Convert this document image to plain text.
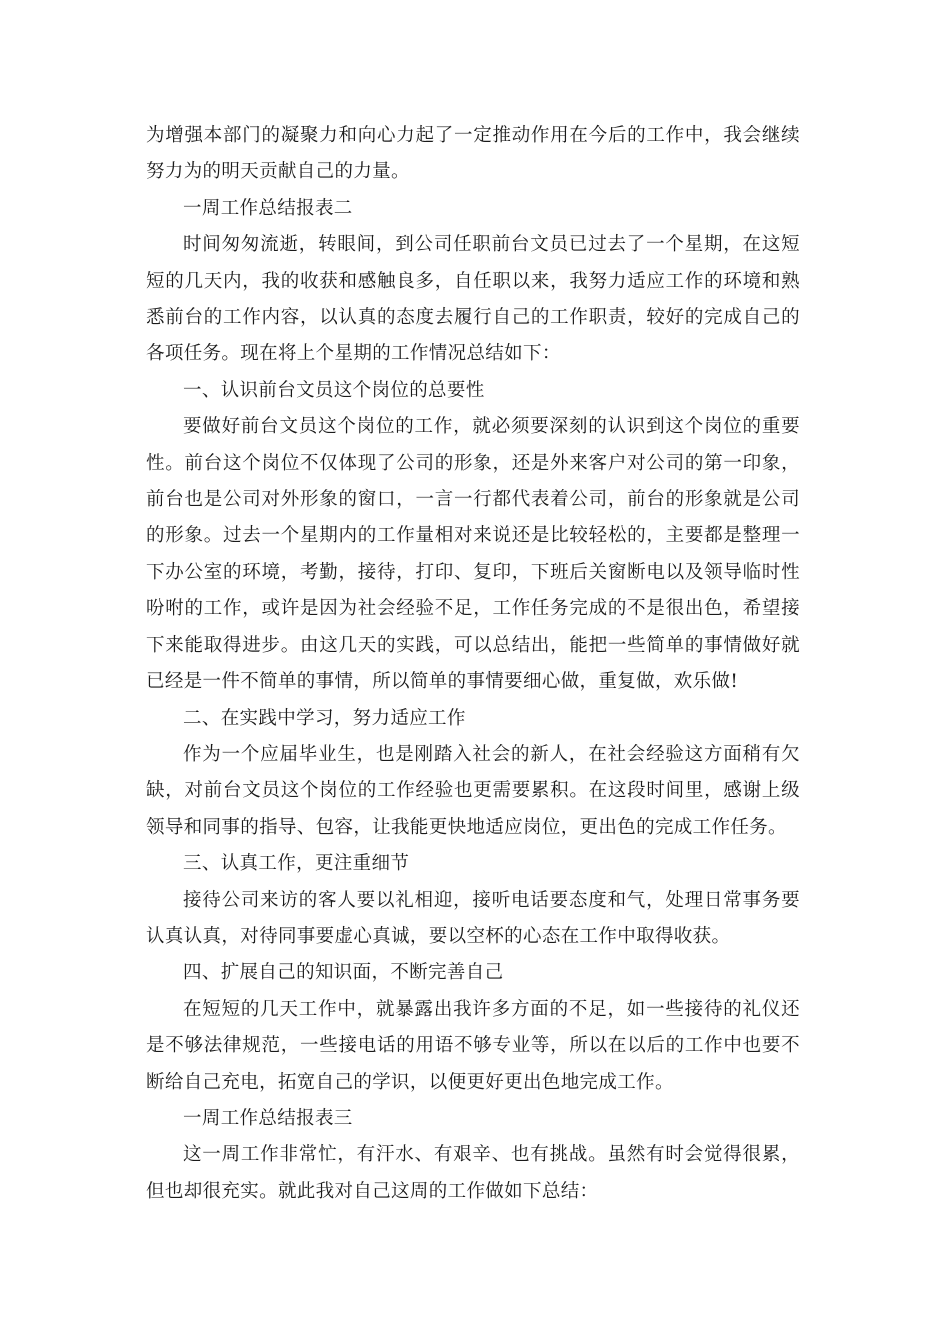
为增强本部门的凝聚力和向心力起了一定推动作用在今后的工作中，我会继续努力为的明天贡献自己的力量。

一周工作总结报表二

时间匆匆流逝，转眼间，到公司任职前台文员已过去了一个星期，在这短短的几天内，我的收获和感触良多，自任职以来，我努力适应工作的环境和熟悉前台的工作内容，以认真的态度去履行自己的工作职责，较好的完成自己的各项任务。现在将上个星期的工作情况总结如下：

一、认识前台文员这个岗位的总要性

要做好前台文员这个岗位的工作，就必须要深刻的认识到这个岗位的重要性。前台这个岗位不仅体现了公司的形象，还是外来客户对公司的第一印象，前台也是公司对外形象的窗口，一言一行都代表着公司，前台的形象就是公司的形象。过去一个星期内的工作量相对来说还是比较轻松的，主要都是整理一下办公室的环境，考勤，接待，打印、复印，下班后关窗断电以及领导临时性吩咐的工作，或许是因为社会经验不足，工作任务完成的不是很出色，希望接下来能取得进步。由这几天的实践，可以总结出，能把一些简单的事情做好就已经是一件不简单的事情，所以简单的事情要细心做，重复做，欢乐做!

二、在实践中学习，努力适应工作

作为一个应届毕业生，也是刚踏入社会的新人，在社会经验这方面稍有欠缺，对前台文员这个岗位的工作经验也更需要累积。在这段时间里，感谢上级领导和同事的指导、包容，让我能更快地适应岗位，更出色的完成工作任务。

三、认真工作，更注重细节

接待公司来访的客人要以礼相迎，接听电话要态度和气，处理日常事务要认真认真，对待同事要虚心真诚，要以空杯的心态在工作中取得收获。

四、扩展自己的知识面，不断完善自己

在短短的几天工作中，就暴露出我许多方面的不足，如一些接待的礼仪还是不够法律规范，一些接电话的用语不够专业等，所以在以后的工作中也要不断给自己充电，拓宽自己的学识，以便更好更出色地完成工作。

一周工作总结报表三

这一周工作非常忙，有汗水、有艰辛、也有挑战。虽然有时会觉得很累，但也却很充实。就此我对自己这周的工作做如下总结：
